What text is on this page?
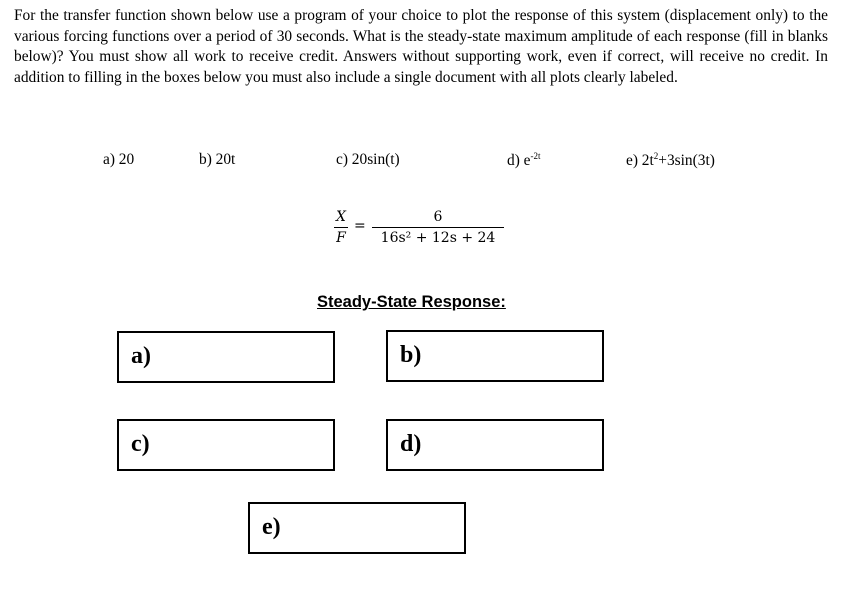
For the transfer function shown below use a program of your choice to plot the response of this system (displacement only) to the various forcing functions over a period of 30 seconds. What is the steady-state maximum amplitude of each response (fill in blanks below)? You must show all work to receive credit. Answers without supporting work, even if correct, will receive no credit. In addition to filling in the boxes below you must also include a single document with all plots clearly labeled.

a) 20	b) 20t	c) 20sin(t)	d) $e^{-2t}$	e) $2t^2+3\sin(3t)$
X
F
=
6
16s² + 12s + 24
Steady-State Response:
a)	b)
c)	d)
e)
